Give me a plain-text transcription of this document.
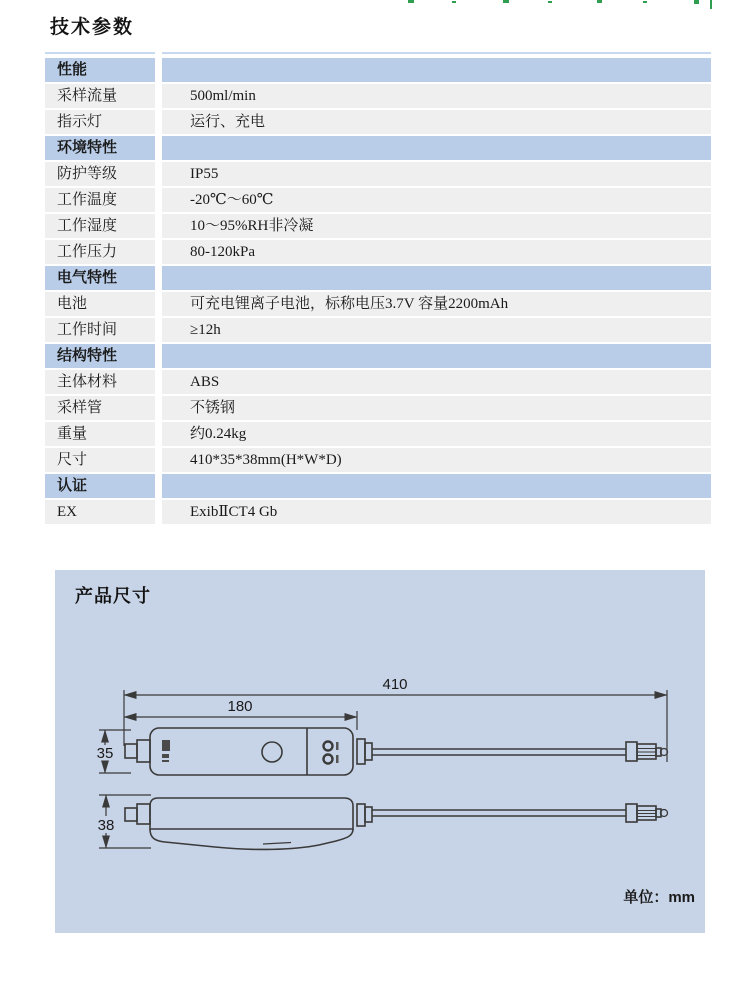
技术参数
性能
采样流量	500ml/min
指示灯	运行、充电
环境特性
防护等级	IP55
工作温度	-20℃～60℃
工作湿度	10～95%RH非冷凝
工作压力	80-120kPa
电气特性
电池	可充电锂离子电池，标称电压3.7V 容量2200mAh
工作时间	≥12h
结构特性
主体材料	ABS
采样管	不锈钢
重量	约0.24kg
尺寸	410*35*38mm(H*W*D)
认证
EX	ExibⅡCT4 Gb
产品尺寸
410
180
35
38
单位：mm
